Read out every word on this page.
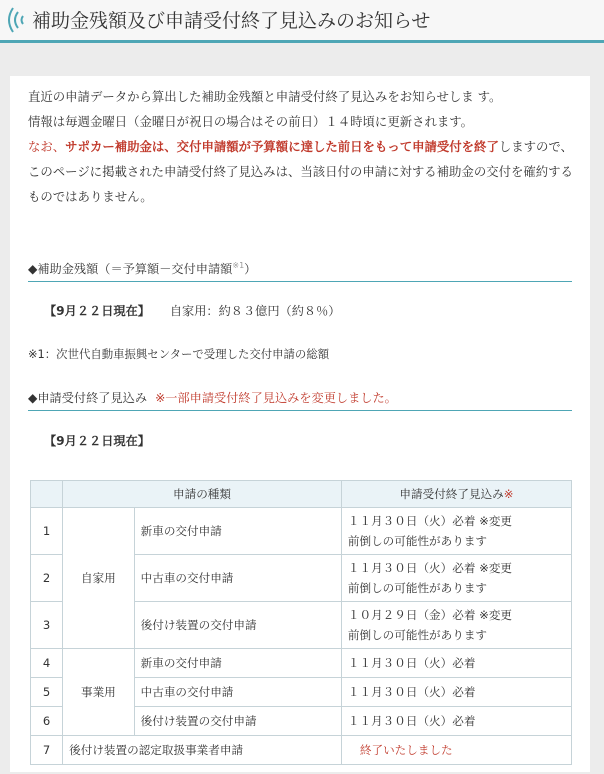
補助金残額及び申請受付終了見込みのお知らせ
直近の申請データから算出した補助金残額と申請受付終了見込みをお知らせしま す。
情報は毎週金曜日（金曜日が祝日の場合はその前日）１４時頃に更新されます。
なお、サポカー補助金は、交付申請額が予算額に達した前日をもって申請受付を終了しますので、このページに掲載された申請受付終了見込みは、当該日付の申請に対する補助金の交付を確約するものではありません。
◆補助金残額（＝予算額－交付申請額$^{※1}$）
【9月２２日現在】 自家用：約８３億円（約８％）
※1：次世代自動車振興センターで受理した交付申請の総額
◆申請受付終了見込み ※一部申請受付終了見込みを変更しました。
【9月２２日現在】
	申請の種類		申請受付終了見込み※
1	自家用	新車の交付申請	１１月３０日（火）必着 ※変更
前倒しの可能性があります

2		中古車の交付申請	１１月３０日（火）必着 ※変更
前倒しの可能性があります

3		後付け装置の交付申請	１０月２９日（金）必着 ※変更
前倒しの可能性があります

4	事業用	新車の交付申請	１１月３０日（火）必着
5		中古車の交付申請	１１月３０日（火）必着
6		後付け装置の交付申請	１１月３０日（火）必着
7	後付け装置の認定取扱事業者申請		終了いたしました
